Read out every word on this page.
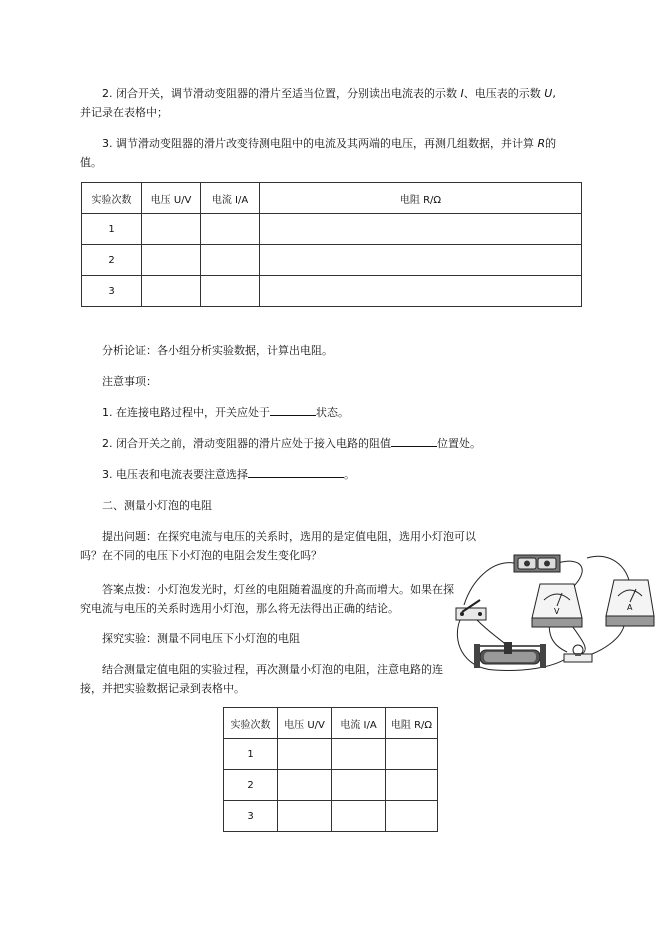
2. 闭合开关，调节滑动变阻器的滑片至适当位置，分别读出电流表的示数 I、电压表的示数 U,
并记录在表格中；
3. 调节滑动变阻器的滑片改变待测电阻中的电流及其两端的电压，再测几组数据，并计算 R的
值。
实验次数	电压 U/V	电流 I/A	电阻 R/Ω
1			
2			
3			
分析论证：各小组分析实验数据，计算出电阻。
注意事项：
1. 在连接电路过程中，开关应处于	状态。
2. 闭合开关之前，滑动变阻器的滑片应处于接入电路的阻值	位置处。
3. 电压表和电流表要注意选择	。
二、测量小灯泡的电阻
提出问题：在探究电流与电压的关系时，选用的是定值电阻，选用小灯泡可以吗？在不同的电压下小灯泡的电阻会发生变化吗？
答案点拨：小灯泡发光时，灯丝的电阻随着温度的升高而增大。如果在探究电流与电压的关系时选用小灯泡，那么将无法得出正确的结论。
探究实验：测量不同电压下小灯泡的电阻
结合测量定值电阻的实验过程，再次测量小灯泡的电阻，注意电路的连接，并把实验数据记录到表格中。
实验次数	电压 U/V	电流 I/A	电阻 R/Ω
1			
2			
3			
V	A
